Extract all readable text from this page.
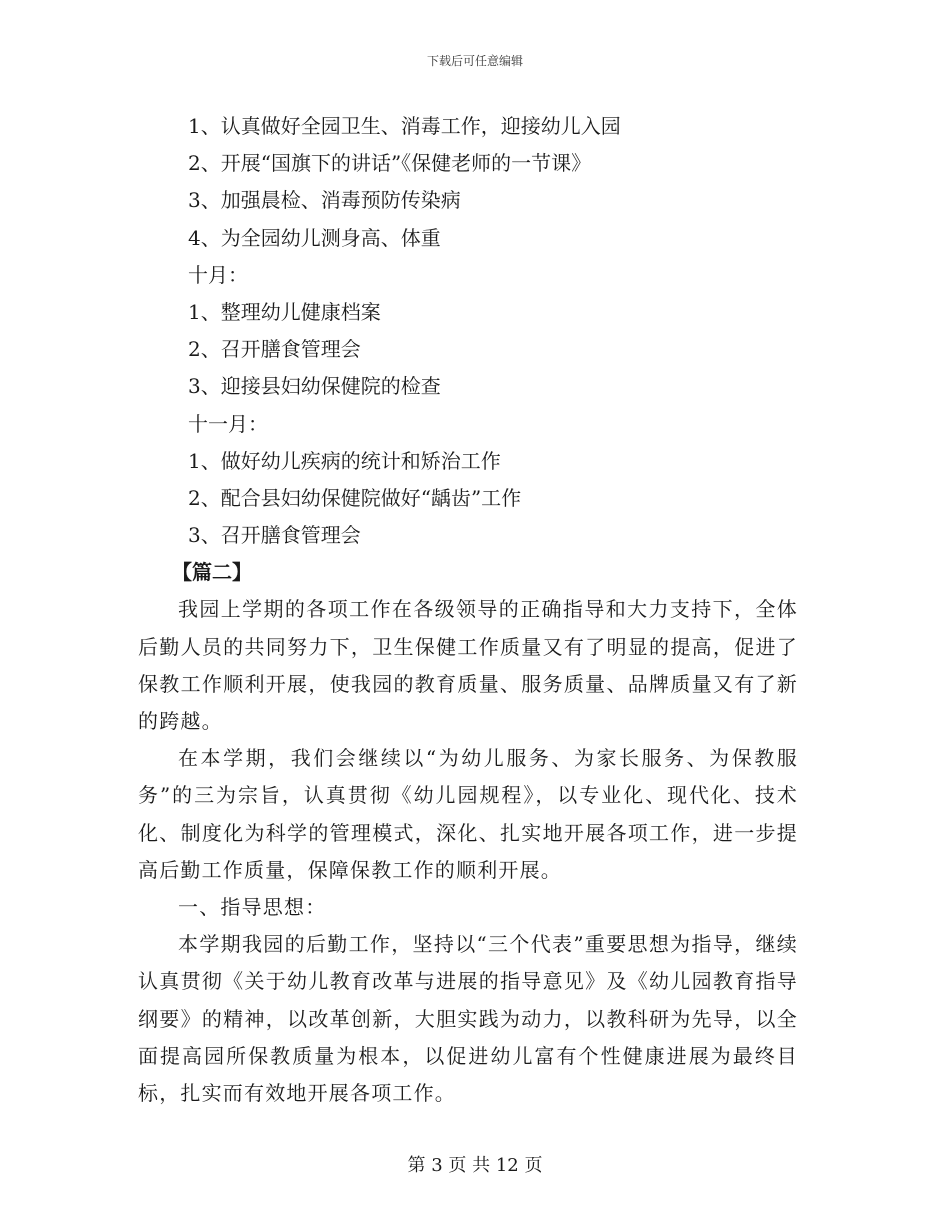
下载后可任意编辑
1、认真做好全园卫生、消毒工作，迎接幼儿入园
2、开展“国旗下的讲话”《保健老师的一节课》
3、加强晨检、消毒预防传染病
4、为全园幼儿测身高、体重
十月：
1、整理幼儿健康档案
2、召开膳食管理会
3、迎接县妇幼保健院的检查
十一月：
1、做好幼儿疾病的统计和矫治工作
2、配合县妇幼保健院做好“龋齿”工作
3、召开膳食管理会
【篇二】
我园上学期的各项工作在各级领导的正确指导和大力支持下，全体后勤人员的共同努力下，卫生保健工作质量又有了明显的提高，促进了保教工作顺利开展，使我园的教育质量、服务质量、品牌质量又有了新的跨越。
在本学期，我们会继续以“为幼儿服务、为家长服务、为保教服务”的三为宗旨，认真贯彻《幼儿园规程》，以专业化、现代化、技术化、制度化为科学的管理模式，深化、扎实地开展各项工作，进一步提高后勤工作质量，保障保教工作的顺利开展。
一、指导思想：
本学期我园的后勤工作，坚持以“三个代表”重要思想为指导，继续认真贯彻《关于幼儿教育改革与进展的指导意见》及《幼儿园教育指导纲要》的精神，以改革创新，大胆实践为动力，以教科研为先导，以全面提高园所保教质量为根本，以促进幼儿富有个性健康进展为最终目标，扎实而有效地开展各项工作。
第 3 页 共 12 页
